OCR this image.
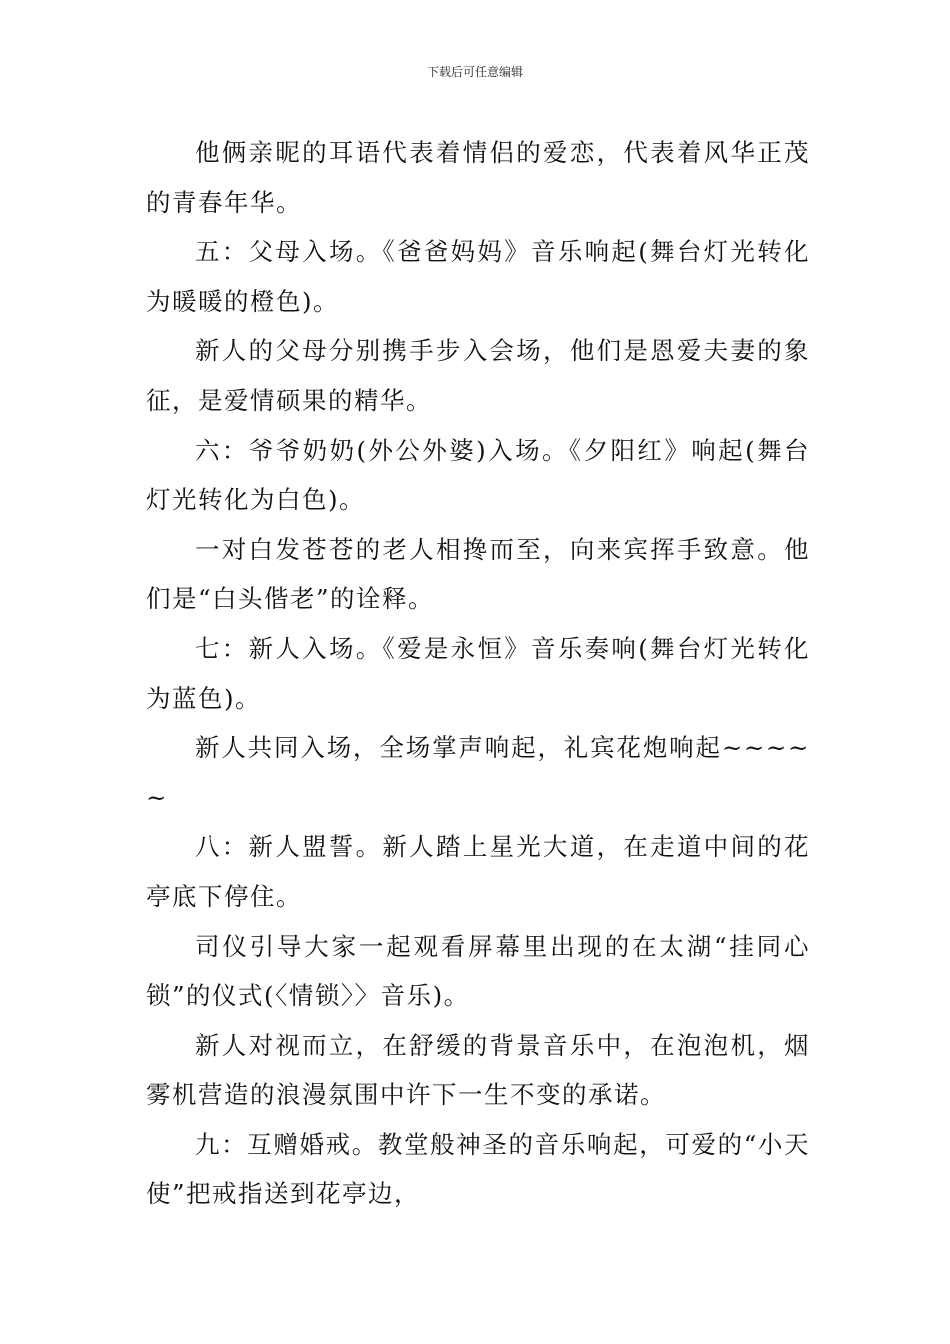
下载后可任意编辑

他俩亲昵的耳语代表着情侣的爱恋，代表着风华正茂的青春年华。

五：父母入场。《爸爸妈妈》音乐响起(舞台灯光转化为暖暖的橙色)。

新人的父母分别携手步入会场，他们是恩爱夫妻的象征，是爱情硕果的精华。

六：爷爷奶奶(外公外婆)入场。《夕阳红》响起(舞台灯光转化为白色)。

一对白发苍苍的老人相搀而至，向来宾挥手致意。他们是“白头偕老”的诠释。

七：新人入场。《爱是永恒》音乐奏响(舞台灯光转化为蓝色)。

新人共同入场，全场掌声响起，礼宾花炮响起~~~~~

八：新人盟誓。新人踏上星光大道，在走道中间的花亭底下停住。

司仪引导大家一起观看屏幕里出现的在太湖“挂同心锁”的仪式(〈情锁〉〉音乐)。

新人对视而立，在舒缓的背景音乐中，在泡泡机，烟雾机营造的浪漫氛围中许下一生不变的承诺。

九：互赠婚戒。教堂般神圣的音乐响起，可爱的“小天使”把戒指送到花亭边，
